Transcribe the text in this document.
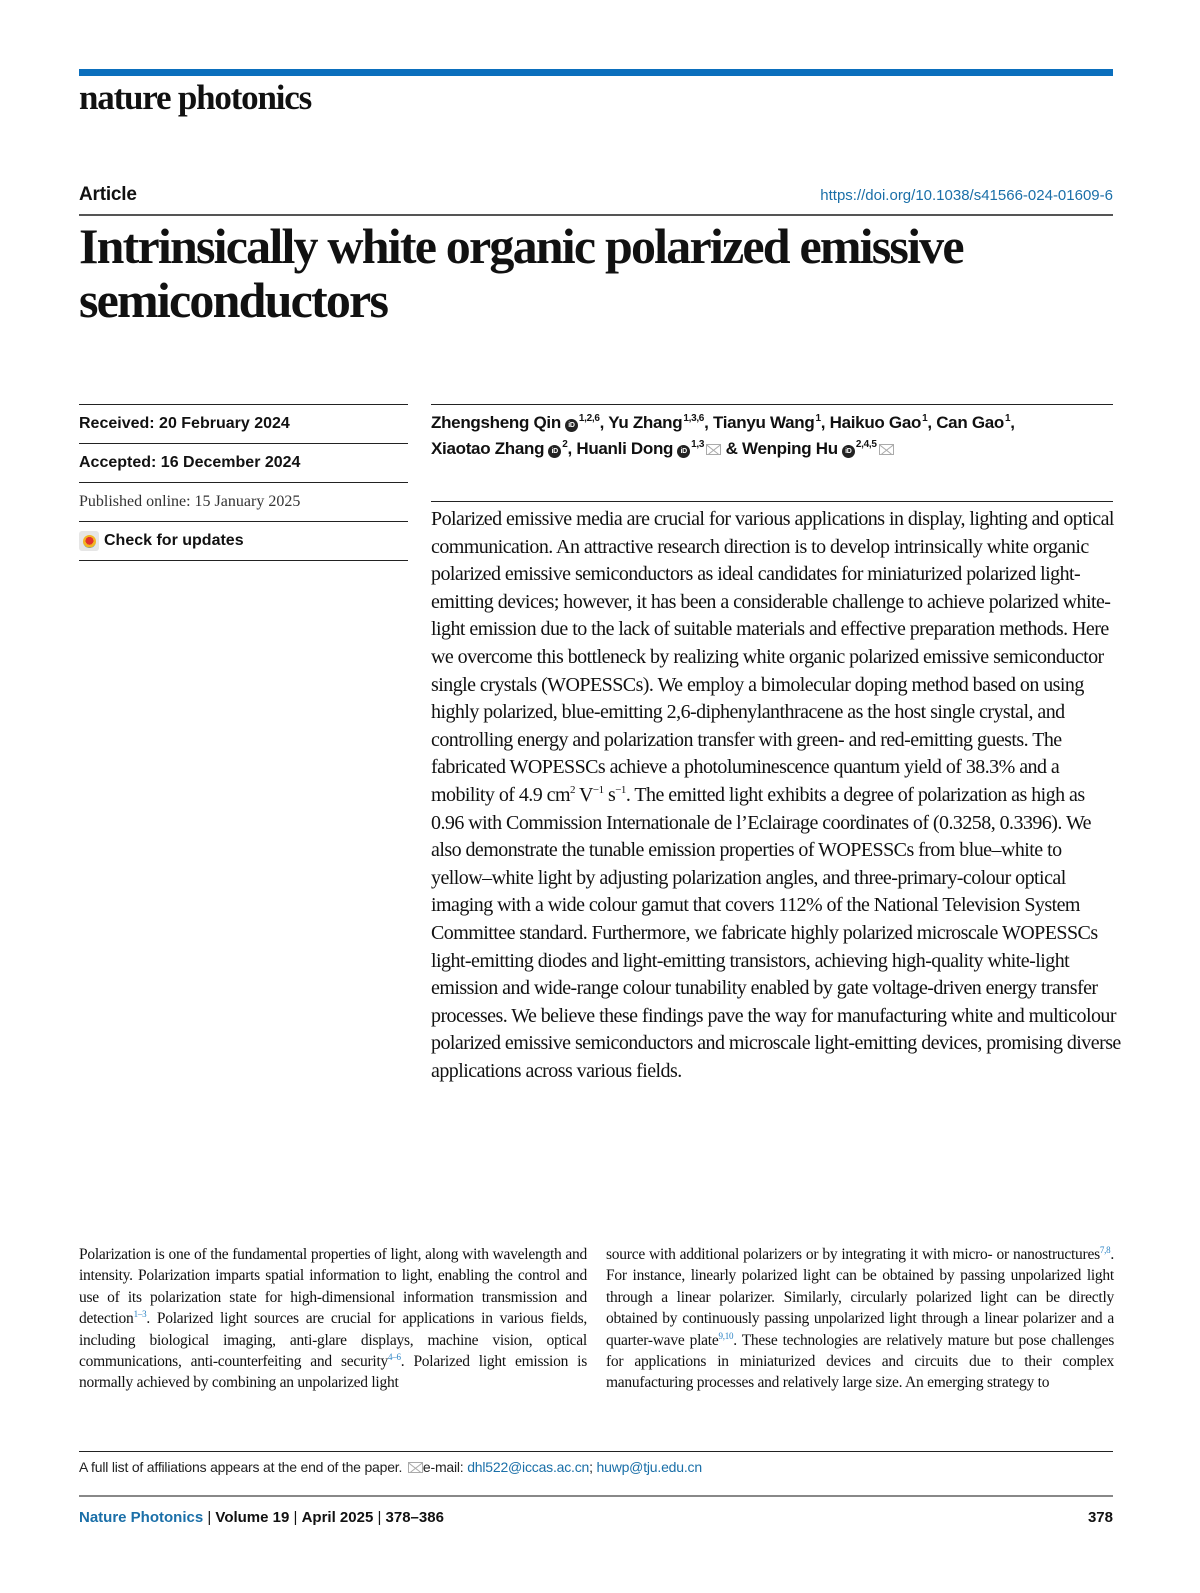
nature photonics
Article	https://doi.org/10.1038/s41566-024-01609-6
Intrinsically white organic polarized emissive semiconductors
Received: 20 February 2024
Accepted: 16 December 2024
Published online: 15 January 2025
Check for updates
Zhengsheng Qin iD$^{1,2,6}$, Yu Zhang$^{1,3,6}$, Tianyu Wang$^1$, Haikuo Gao$^1$, Can Gao$^1$,
Xiaotao Zhang $iD^2$, Huanli Dong iD$^{1,3}$ & Wenping Hu iD$^{2,4,5}$

Polarized emissive media are crucial for various applications in display, lighting and optical communication. An attractive research direction is to develop intrinsically white organic polarized emissive semiconductors as ideal candidates for miniaturized polarized light-emitting devices; however, it has been a considerable challenge to achieve polarized white-light emission due to the lack of suitable materials and effective preparation methods. Here we overcome this bottleneck by realizing white organic polarized emissive semiconductor single crystals (WOPESSCs). We employ a bimolecular doping method based on using highly polarized, blue-emitting 2,6-diphenylanthracene as the host single crystal, and controlling energy and polarization transfer with green- and red-emitting guests. The fabricated WOPESSCs achieve a photoluminescence quantum yield of 38.3% and a mobility of 4.9 $cm^2$ $V^{-1}$ $s^{-1}$. The emitted light exhibits a degree of polarization as high as 0.96 with Commission Internationale de l’Eclairage coordinates of (0.3258, 0.3396). We also demonstrate the tunable emission properties of WOPESSCs from blue–white to yellow–white light by adjusting polarization angles, and three-primary-colour optical imaging with a wide colour gamut that covers 112% of the National Television System Committee standard. Furthermore, we fabricate highly polarized microscale WOPESSCs light-emitting diodes and light-emitting transistors, achieving high-quality white-light emission and wide-range colour tunability enabled by gate voltage-driven energy transfer processes. We believe these findings pave the way for manufacturing white and multicolour polarized emissive semiconductors and microscale light-emitting devices, promising diverse applications across various fields.

Polarization is one of the fundamental properties of light, along with wavelength and intensity. Polarization imparts spatial information to light, enabling the control and use of its polarization state for high-dimensional information transmission and detection$^{1-3}$. Polarized light sources are crucial for applications in various fields, including biological imaging, anti-glare displays, machine vision, optical communications, anti-counterfeiting and security$^{4-6}$. Polarized light emission is normally achieved by combining an unpolarized light

source with additional polarizers or by integrating it with micro- or nanostructures$^{7,8}$. For instance, linearly polarized light can be obtained by passing unpolarized light through a linear polarizer. Similarly, circularly polarized light can be directly obtained by continuously passing unpolarized light through a linear polarizer and a quarter-wave plate$^{9,10}$. These technologies are relatively mature but pose challenges for applications in miniaturized devices and circuits due to their complex manufacturing processes and relatively large size. An emerging strategy to

A full list of affiliations appears at the end of the paper. e-mail: dhl522@iccas.ac.cn; huwp@tju.edu.cn
Nature Photonics | Volume 19 | April 2025 | 378–386	378
